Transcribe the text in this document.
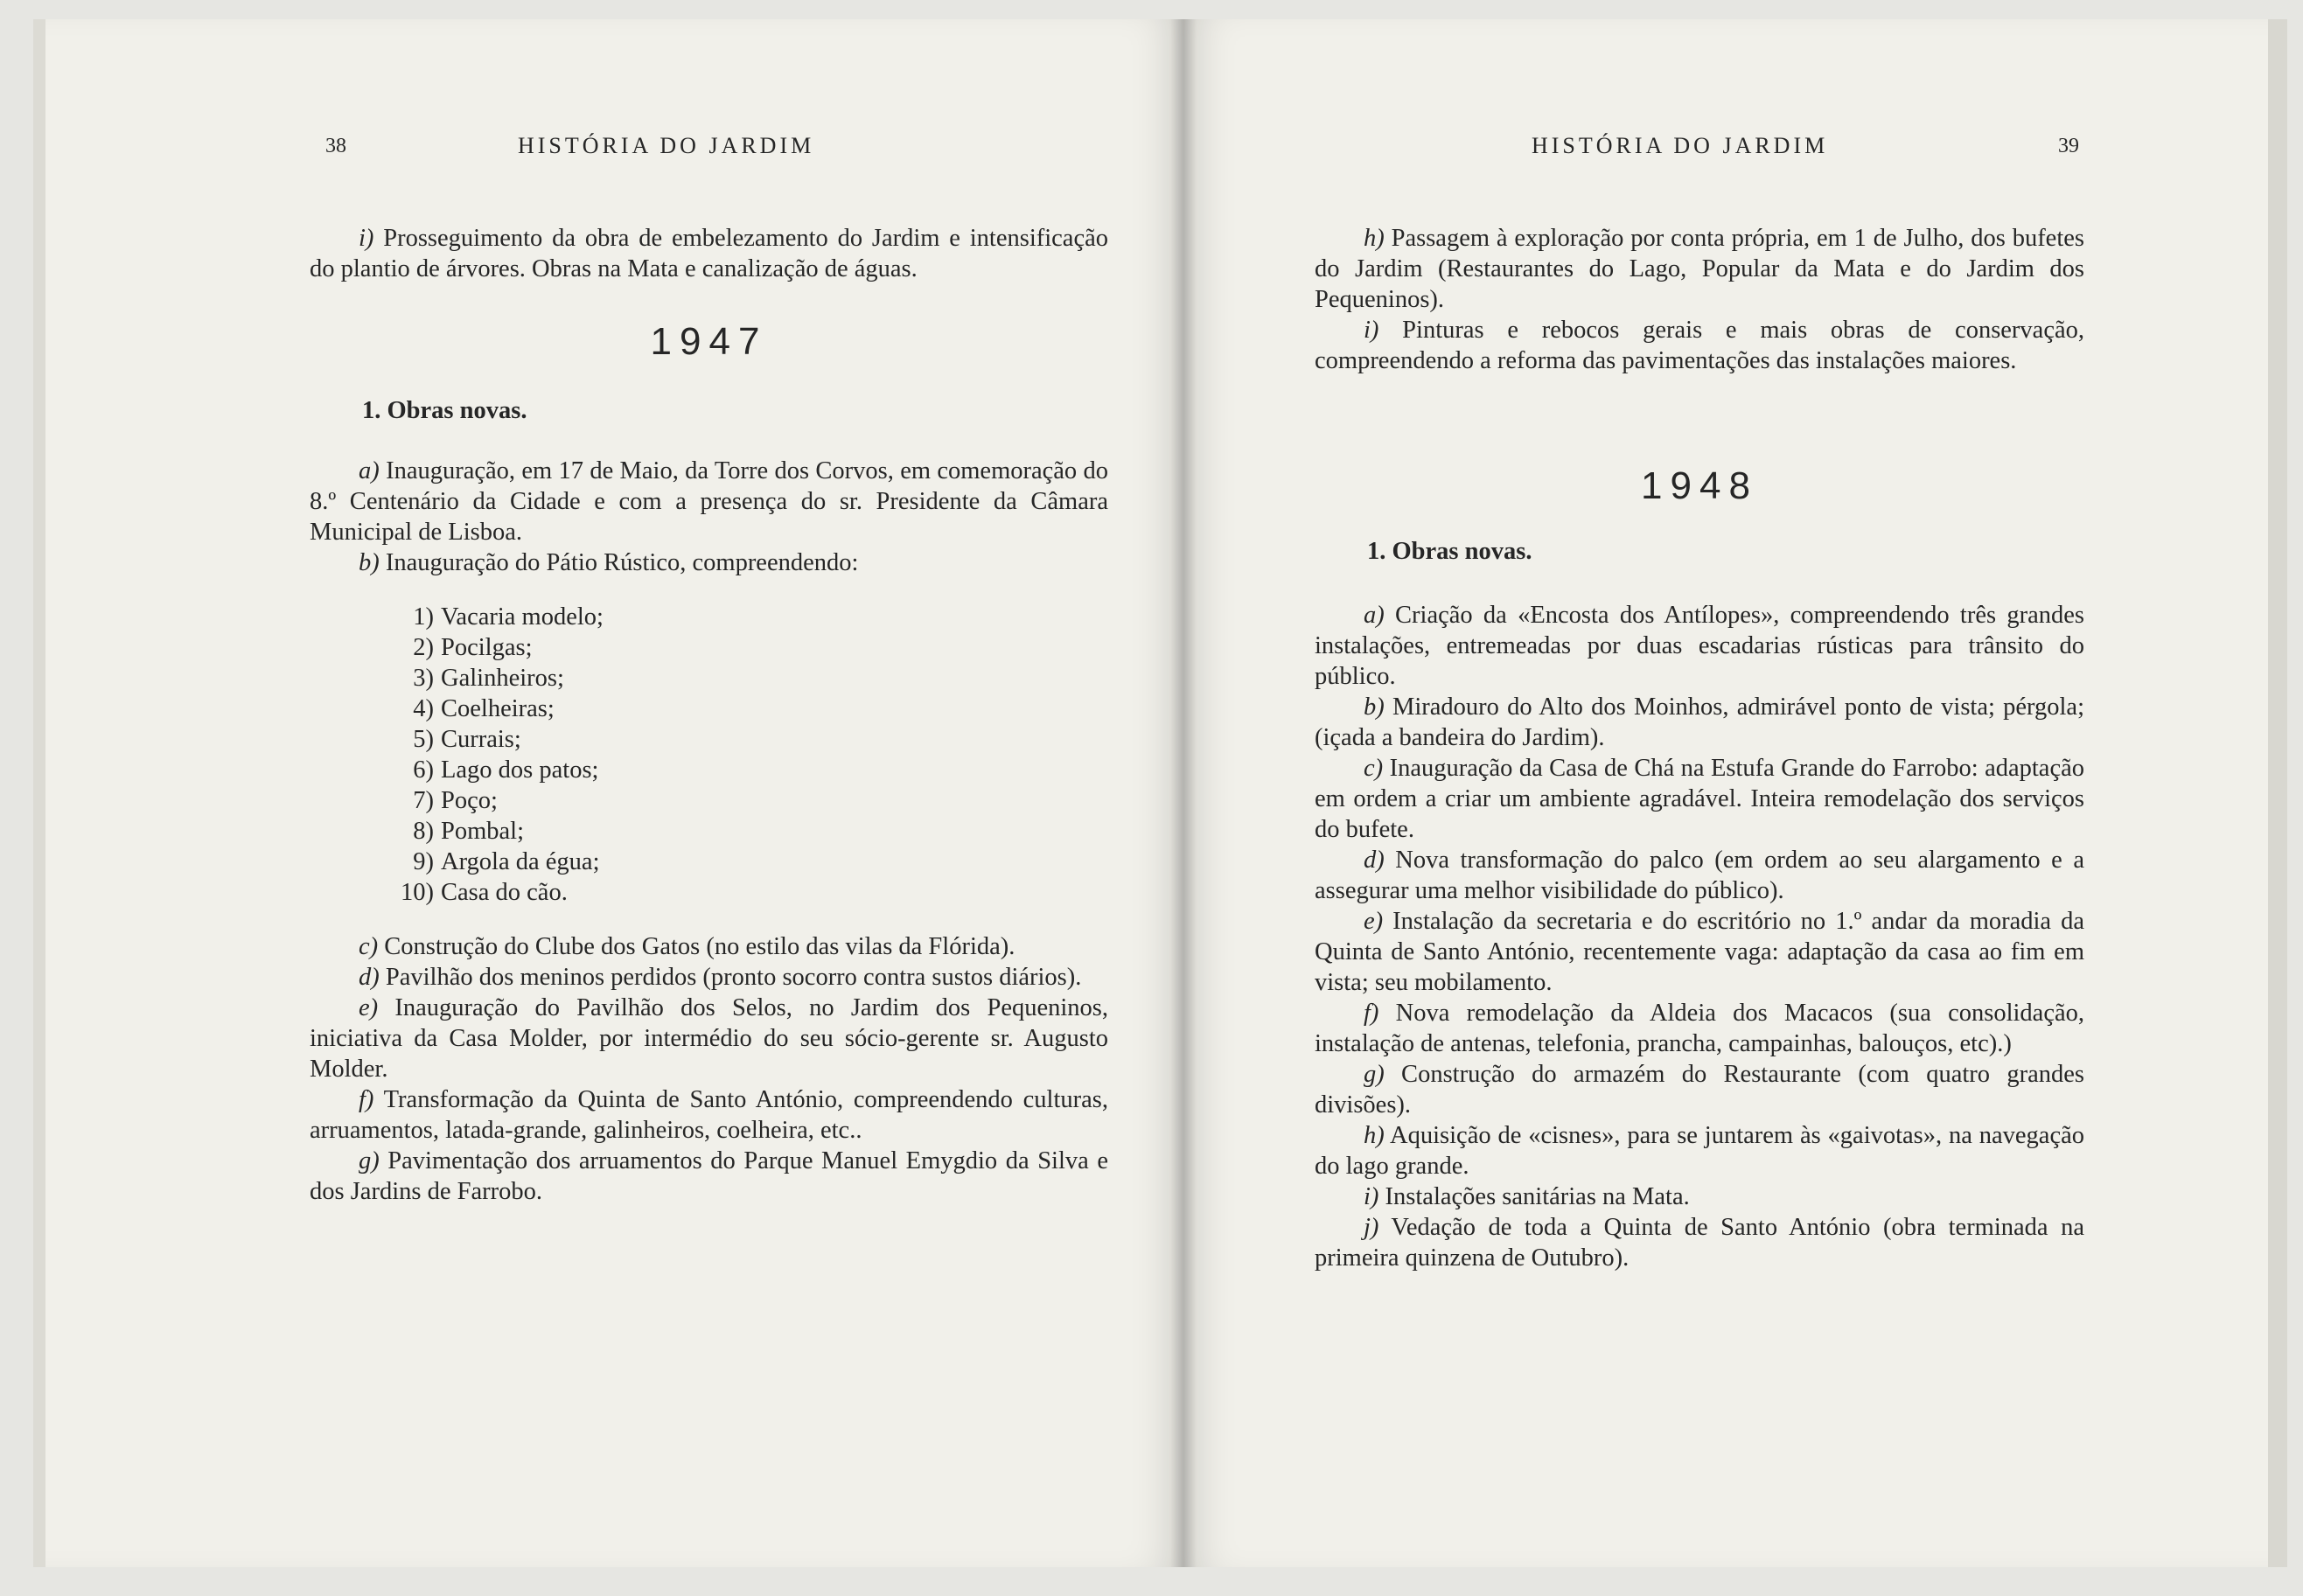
38	HISTÓRIA DO JARDIM

i) Prosseguimento da obra de embelezamento do Jardim e intensificação do plantio de árvores. Obras na Mata e canalização de águas.

1947

1. Obras novas.

a) Inauguração, em 17 de Maio, da Torre dos Corvos, em comemoração do 8.º Centenário da Cidade e com a presença do sr. Presidente da Câmara Municipal de Lisboa.

b) Inauguração do Pátio Rústico, compreendendo:

1) Vacaria modelo;
2) Pocilgas;
3) Galinheiros;
4) Coelheiras;
5) Currais;
6) Lago dos patos;
7) Poço;
8) Pombal;
9) Argola da égua;
10) Casa do cão.

c) Construção do Clube dos Gatos (no estilo das vilas da Flórida).

d) Pavilhão dos meninos perdidos (pronto socorro contra sustos diários).

e) Inauguração do Pavilhão dos Selos, no Jardim dos Pequeninos, iniciativa da Casa Molder, por intermédio do seu sócio-gerente sr. Augusto Molder.

f) Transformação da Quinta de Santo António, compreendendo culturas, arruamentos, latada-grande, galinheiros, coelheira, etc..

g) Pavimentação dos arruamentos do Parque Manuel Emygdio da Silva e dos Jardins de Farrobo.

HISTÓRIA DO JARDIM	39

h) Passagem à exploração por conta própria, em 1 de Julho, dos bufetes do Jardim (Restaurantes do Lago, Popular da Mata e do Jardim dos Pequeninos).

i) Pinturas e rebocos gerais e mais obras de conservação, compreendendo a reforma das pavimentações das instalações maiores.

1948

1. Obras novas.

a) Criação da «Encosta dos Antílopes», compreendendo três grandes instalações, entremeadas por duas escadarias rústicas para trânsito do público.

b) Miradouro do Alto dos Moinhos, admirável ponto de vista; pérgola; (içada a bandeira do Jardim).

c) Inauguração da Casa de Chá na Estufa Grande do Farrobo: adaptação em ordem a criar um ambiente agradável. Inteira remodelação dos serviços do bufete.

d) Nova transformação do palco (em ordem ao seu alargamento e a assegurar uma melhor visibilidade do público).

e) Instalação da secretaria e do escritório no 1.º andar da moradia da Quinta de Santo António, recentemente vaga: adaptação da casa ao fim em vista; seu mobilamento.

f) Nova remodelação da Aldeia dos Macacos (sua consolidação, instalação de antenas, telefonia, prancha, campainhas, balouços, etc).)

g) Construção do armazém do Restaurante (com quatro grandes divisões).

h) Aquisição de «cisnes», para se juntarem às «gaivotas», na navegação do lago grande.

i) Instalações sanitárias na Mata.

j) Vedação de toda a Quinta de Santo António (obra terminada na primeira quinzena de Outubro).
